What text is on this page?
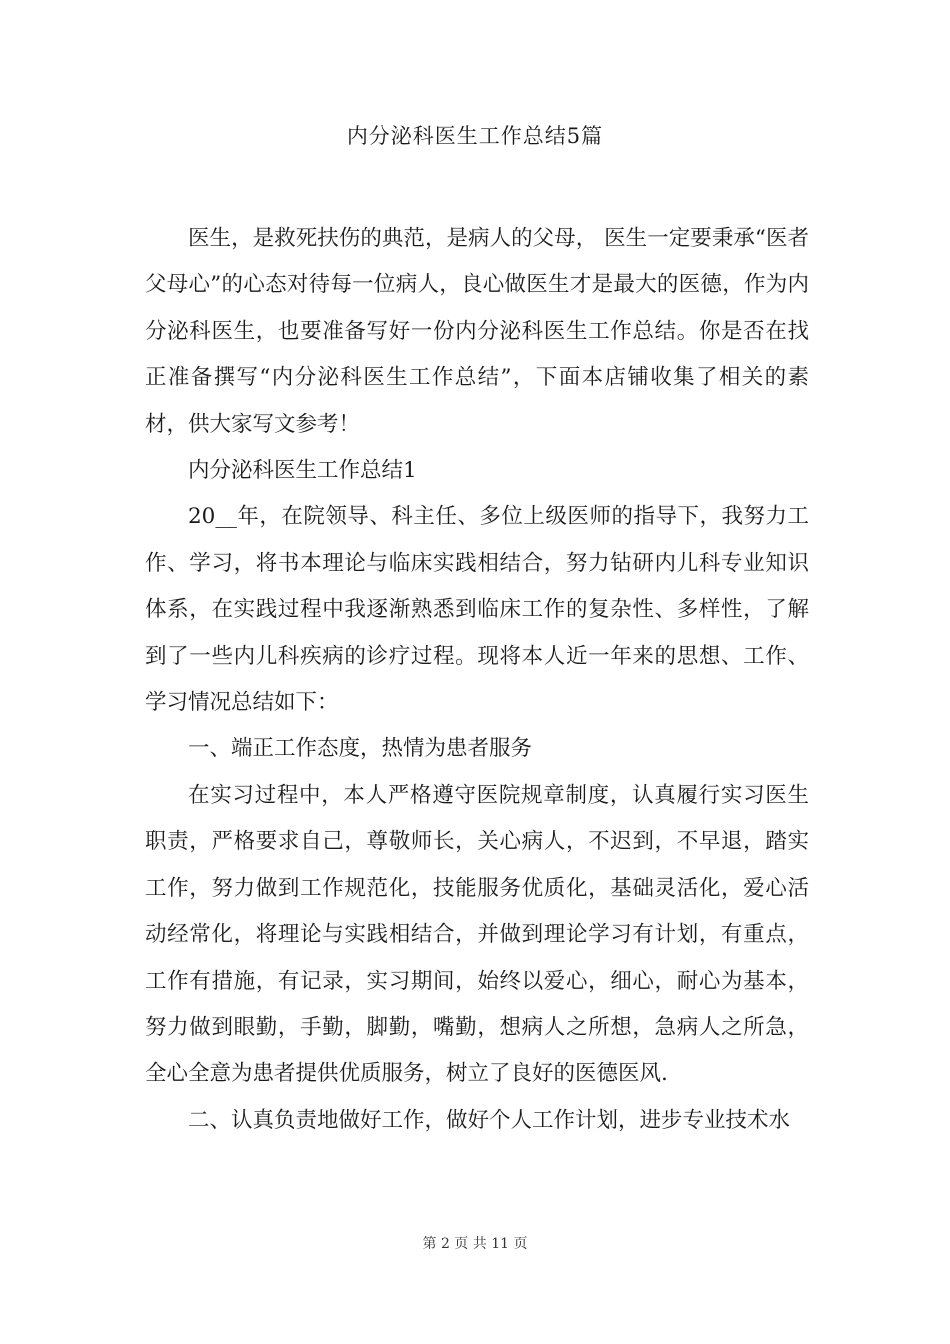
内分泌科医生工作总结5篇

医生，是救死扶伤的典范，是病人的父母， 医生一定要秉承“医者父母心”的心态对待每一位病人，良心做医生才是最大的医德，作为内分泌科医生，也要准备写好一份内分泌科医生工作总结。你是否在找正准备撰写“内分泌科医生工作总结”，下面本店铺收集了相关的素材，供大家写文参考！

内分泌科医生工作总结1

20__年，在院领导、科主任、多位上级医师的指导下，我努力工作、学习，将书本理论与临床实践相结合，努力钻研内儿科专业知识体系，在实践过程中我逐渐熟悉到临床工作的复杂性、多样性，了解到了一些内儿科疾病的诊疗过程。现将本人近一年来的思想、工作、学习情况总结如下：

一、端正工作态度，热情为患者服务

在实习过程中，本人严格遵守医院规章制度，认真履行实习医生职责，严格要求自己，尊敬师长，关心病人，不迟到，不早退，踏实工作，努力做到工作规范化，技能服务优质化，基础灵活化，爱心活动经常化，将理论与实践相结合，并做到理论学习有计划，有重点，工作有措施，有记录，实习期间，始终以爱心，细心，耐心为基本，努力做到眼勤，手勤，脚勤，嘴勤，想病人之所想，急病人之所急，全心全意为患者提供优质服务，树立了良好的医德医风.

二、认真负责地做好工作，做好个人工作计划，进步专业技术水

第 2 页 共 11 页
